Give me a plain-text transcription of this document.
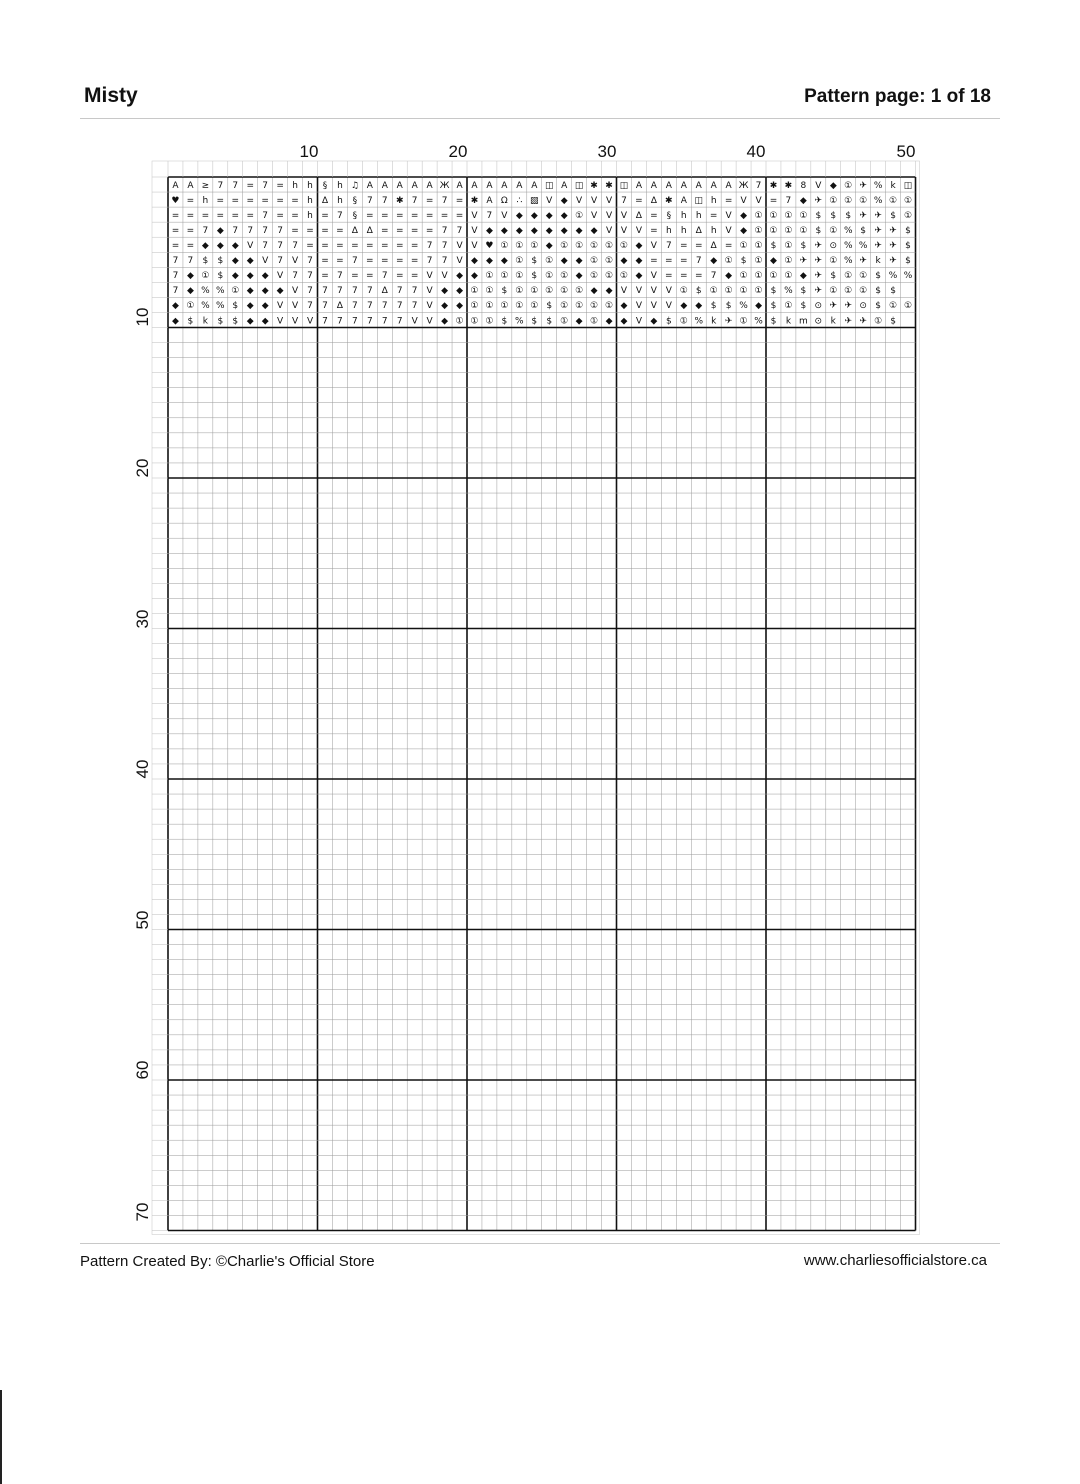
Misty	Pattern page: 1 of 18
10	20	30	40	50
10
20
30
40
50
60
70
A A ≥ 7 7 = 7 = h h § h ♫ A A A A A Ж A A A A A A ◫ A ◫ ✱ ✱ ◫ A A A A A A A Ж 7 ✱ ✱ 8 V ◆ ① ✈ % k ◫
♥ = h = = = = = = h ∆ h § 7 7 ✱ 7 = 7 = ✱ A Ω ∴ ▧ V ◆ V V V 7 = ∆ ✱ A ◫ h = V V = 7 ◆ ✈ ① ① ① % ① ①
= = = = = = 7 = = h = 7 § = = = = = = = V 7 V ◆ ◆ ◆ ◆ ① V V V ∆ = § h h = V ◆ ① ① ① ① $ $ $ ✈ ✈ $ ①
= = 7 ◆ 7 7 7 7 = = = = ∆ ∆ = = = = 7 7 V ◆ ◆ ◆ ◆ ◆ ◆ ◆ ◆ V V V = h h ∆ h V ◆ ① ① ① ① $ ① % $ ✈ ✈ $
= = ◆ ◆ ◆ V 7 7 7 = = = = = = = = 7 7 V V ♥ ① ① ① ◆ ① ① ① ① ① ◆ V 7 = = ∆ = ① ① $ ① $ ✈ ⊙ % % ✈ ✈ $
7 7 $ $ ◆ ◆ V 7 V 7 = = 7 = = = = 7 7 V ◆ ◆ ◆ ① $ ① ◆ ◆ ① ① ◆ ◆ = = = 7 ◆ ① $ ① ◆ ① ✈ ✈ ① % ✈ k ✈ $
7 ◆ ① $ ◆ ◆ ◆ V 7 7 = 7 = = 7 = = V V ◆ ◆ ① ① ① $ ① ① ◆ ① ① ① ◆ V = = = 7 ◆ ① ① ① ① ◆ ✈ $ ① ① $ % %
7 ◆ % % ① ◆ ◆ ◆ V 7 7 7 7 7 ∆ 7 7 V ◆ ◆ ① ① $ ① ① ① ① ① ◆ ◆ V V V V ① $ ① ① ① ① $ % $ ✈ ① ① ① $ $
◆ ① % % $ ◆ ◆ V V 7 7 ∆ 7 7 7 7 7 V ◆ ◆ ① ① ① ① ① $ ① ① ① ① ◆ V V V ◆ ◆ $ $ % ◆ $ ① $ ⊙ ✈ ✈ ⊙ $ ① ①
◆ $ k $ $ ◆ ◆ V V V 7 7 7 7 7 7 V V ◆ ① ① ① $ % $ $ ① ◆ ① ◆ ◆ V ◆ $ ① % k ✈ ① % $ k m ⊙ k ✈ ✈ ① $
Pattern Created By: ©Charlie's Official Store	www.charliesofficialstore.ca
